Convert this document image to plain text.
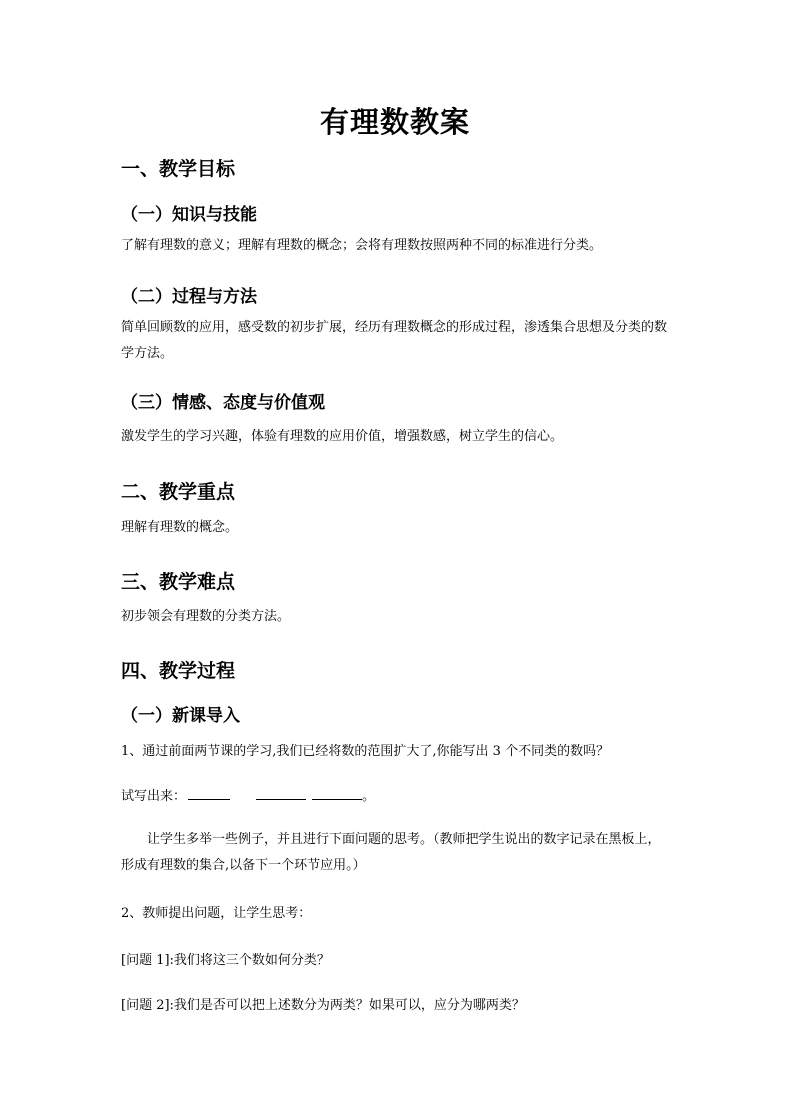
有理数教案
一、教学目标
（一）知识与技能
了解有理数的意义；理解有理数的概念；会将有理数按照两种不同的标准进行分类。
（二）过程与方法
简单回顾数的应用，感受数的初步扩展，经历有理数概念的形成过程，渗透集合思想及分类的数学方法。
（三）情感、态度与价值观
激发学生的学习兴趣，体验有理数的应用价值，增强数感，树立学生的信心。
二、教学重点
理解有理数的概念。
三、教学难点
初步领会有理数的分类方法。
四、教学过程
（一）新课导入
1、通过前面两节课的学习,我们已经将数的范围扩大了,你能写出 3 个不同类的数吗？
试写出来：	。
让学生多举一些例子，并且进行下面问题的思考。（教师把学生说出的数字记录在黑板上，形成有理数的集合,以备下一个环节应用。）
2、教师提出问题，让学生思考：
[问题 1]:我们将这三个数如何分类？
[问题 2]:我们是否可以把上述数分为两类？如果可以，应分为哪两类？
